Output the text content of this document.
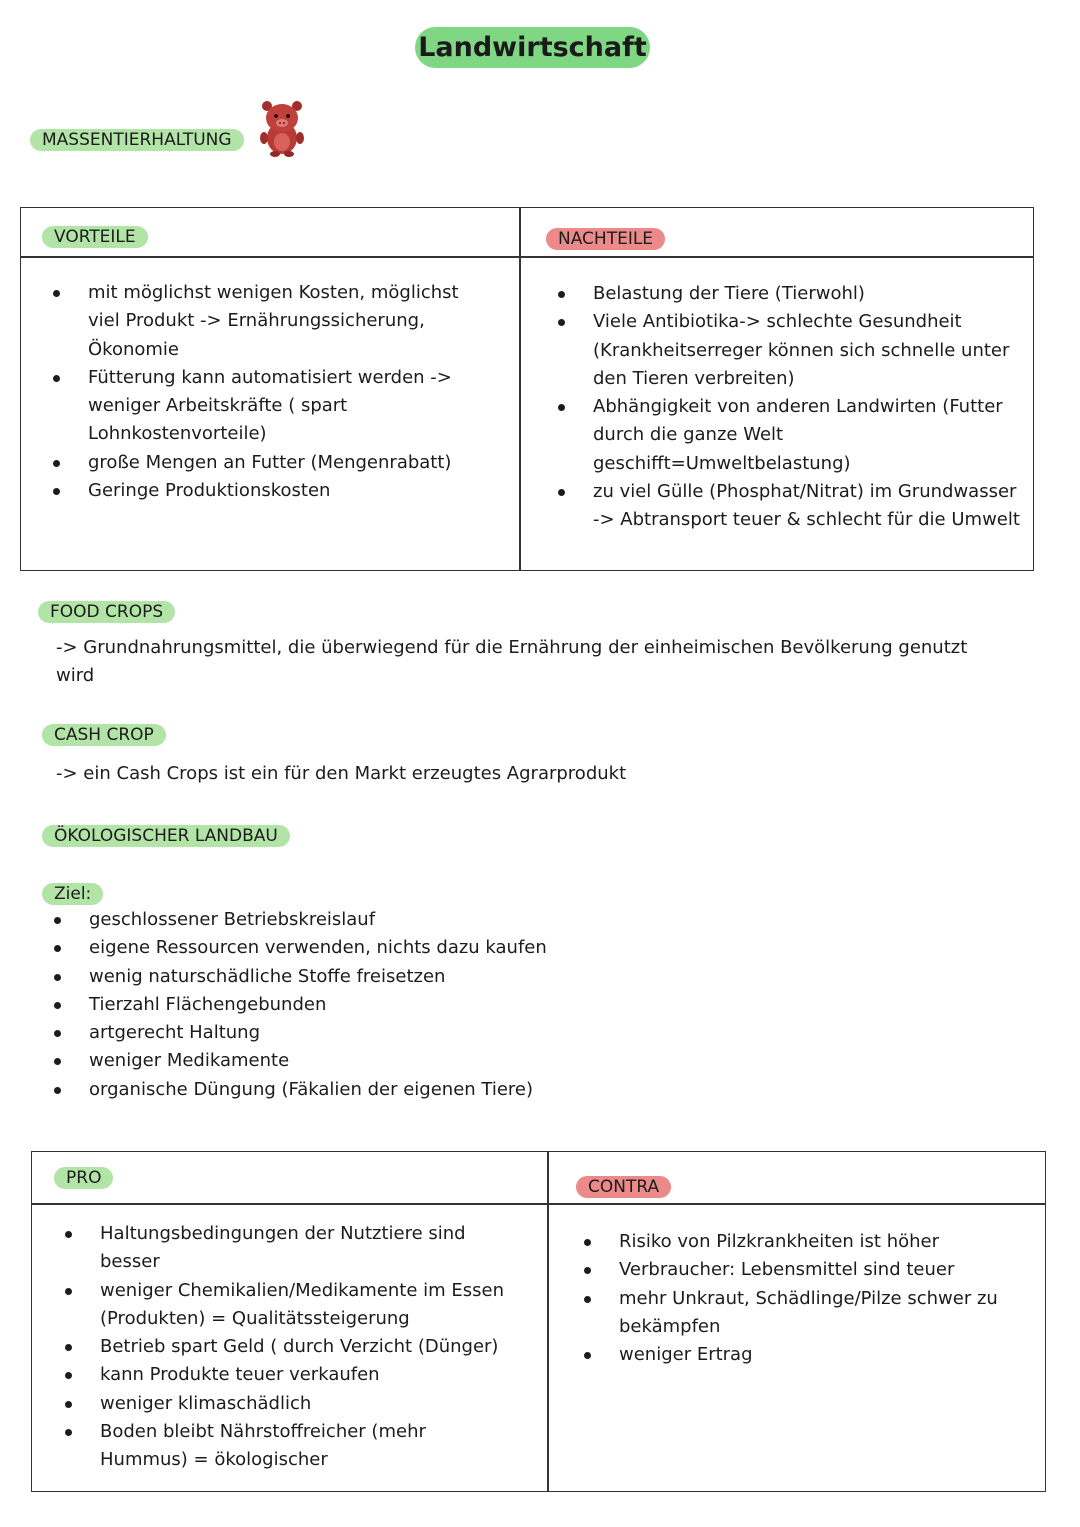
Landwirtschaft
MASSENTIERHALTUNG
VORTEILE	NACHTEILE
mit möglichst wenigen Kosten, möglichst viel Produkt -> Ernährungssicherung, Ökonomie
Fütterung kann automatisiert werden -> weniger Arbeitskräfte ( spart Lohnkostenvorteile)
große Mengen an Futter (Mengenrabatt)
Geringe Produktionskosten
Belastung der Tiere (Tierwohl)
Viele Antibiotika-> schlechte Gesundheit (Krankheitserreger können sich schnelle unter den Tieren verbreiten)
Abhängigkeit von anderen Landwirten (Futter durch die ganze Welt geschifft=Umweltbelastung)
zu viel Gülle (Phosphat/Nitrat) im Grundwasser -> Abtransport teuer & schlecht für die Umwelt
FOOD CROPS
-> Grundnahrungsmittel, die überwiegend für die Ernährung der einheimischen Bevölkerung genutzt wird
CASH CROP
-> ein Cash Crops ist ein für den Markt erzeugtes Agrarprodukt
ÖKOLOGISCHER LANDBAU
Ziel:
geschlossener Betriebskreislauf
eigene Ressourcen verwenden, nichts dazu kaufen
wenig naturschädliche Stoffe freisetzen
Tierzahl Flächengebunden
artgerecht Haltung
weniger Medikamente
organische Düngung (Fäkalien der eigenen Tiere)
PRO	CONTRA
Haltungsbedingungen der Nutztiere sind besser
weniger Chemikalien/Medikamente im Essen (Produkten) = Qualitätssteigerung
Betrieb spart Geld ( durch Verzicht (Dünger)
kann Produkte teuer verkaufen
weniger klimaschädlich
Boden bleibt Nährstoffreicher (mehr Hummus) = ökologischer
Risiko von Pilzkrankheiten ist höher
Verbraucher: Lebensmittel sind teuer
mehr Unkraut, Schädlinge/Pilze schwer zu bekämpfen
weniger Ertrag
